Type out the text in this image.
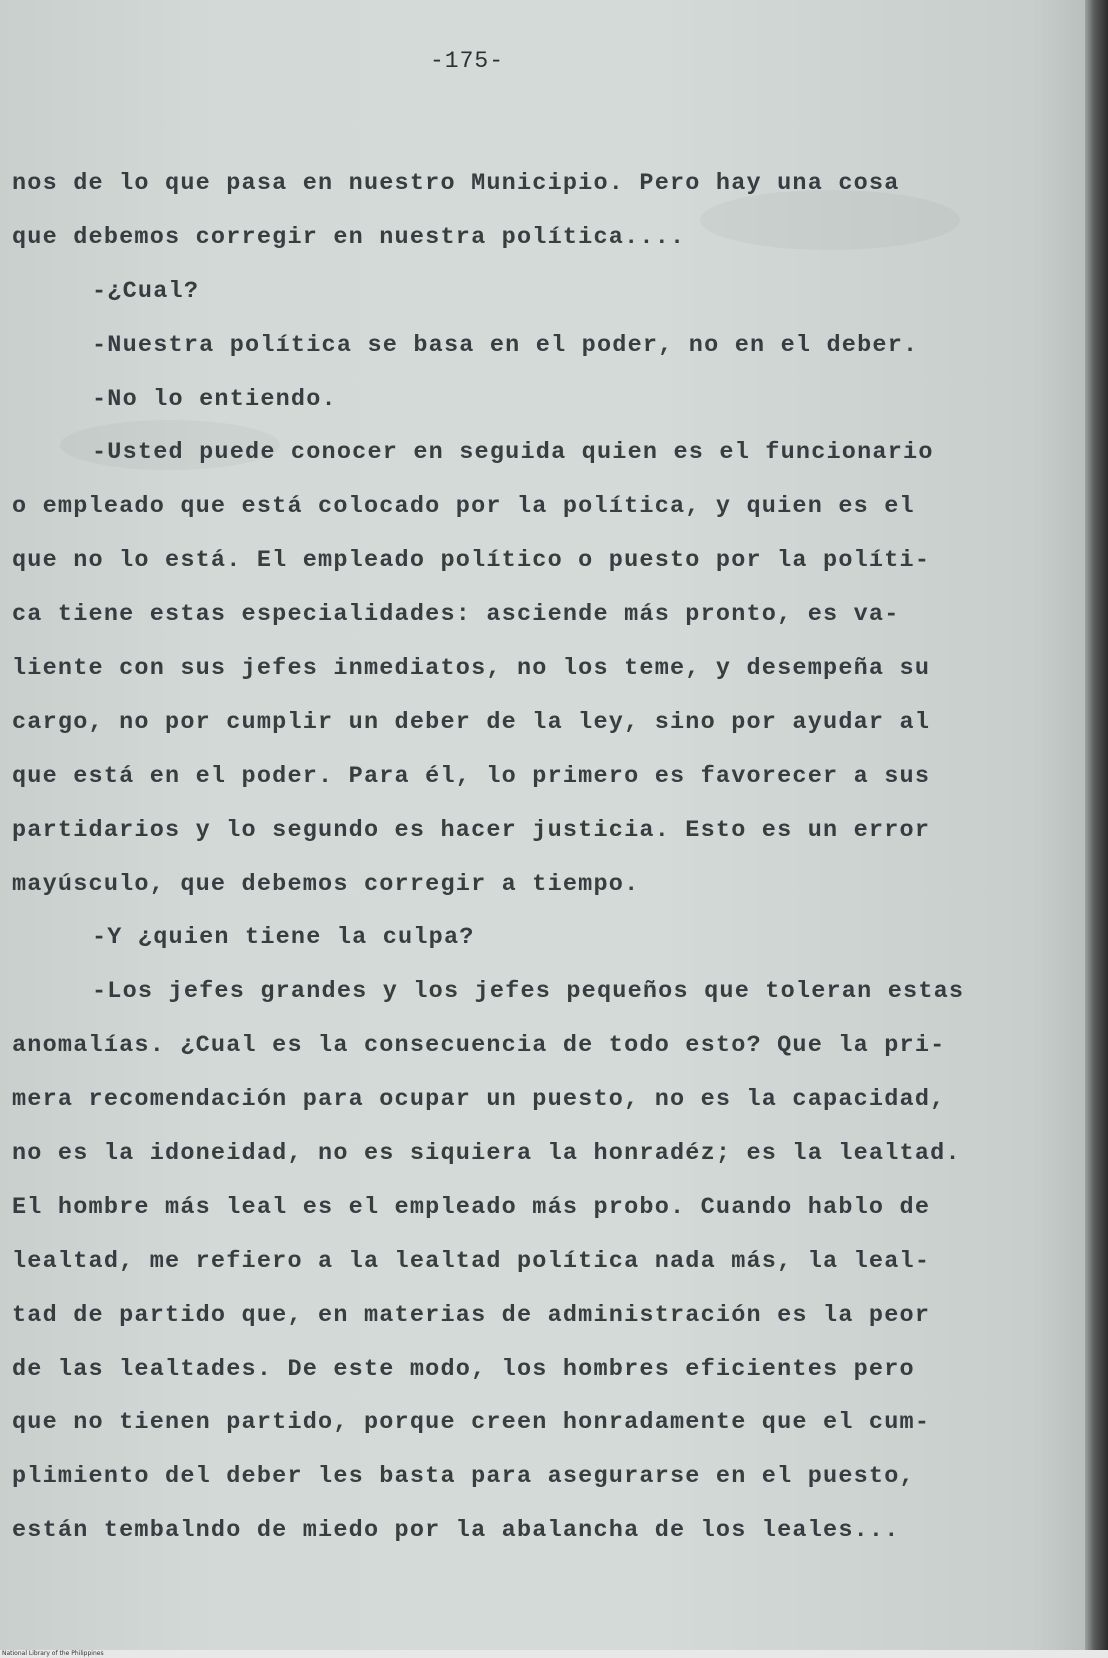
-175-
nos de lo que pasa en nuestro Municipio. Pero hay una cosa
que debemos corregir en nuestra política....
-¿Cual?
-Nuestra política se basa en el poder, no en el deber.
-No lo entiendo.
-Usted puede conocer en seguida quien es el funcionario
o empleado que está colocado por la política, y quien es el
que no lo está. El empleado político o puesto por la políti-
ca tiene estas especialidades: asciende más pronto, es va-
liente con sus jefes inmediatos, no los teme, y desempeña su
cargo, no por cumplir un deber de la ley, sino por ayudar al
que está en el poder. Para él, lo primero es favorecer a sus
partidarios y lo segundo es hacer justicia. Esto es un error
mayúsculo, que debemos corregir a tiempo.
-Y ¿quien tiene la culpa?
-Los jefes grandes y los jefes pequeños que toleran estas
anomalías. ¿Cual es la consecuencia de todo esto? Que la pri-
mera recomendación para ocupar un puesto, no es la capacidad,
no es la idoneidad, no es siquiera la honradéz; es la lealtad.
El hombre más leal es el empleado más probo. Cuando hablo de
lealtad, me refiero a la lealtad política nada más, la leal-
tad de partido que, en materias de administración es la peor
de las lealtades. De este modo, los hombres eficientes pero
que no tienen partido, porque creen honradamente que el cum-
plimiento del deber les basta para asegurarse en el puesto,
están tembalndo de miedo por la abalancha de los leales...
National Library of the Philippines
